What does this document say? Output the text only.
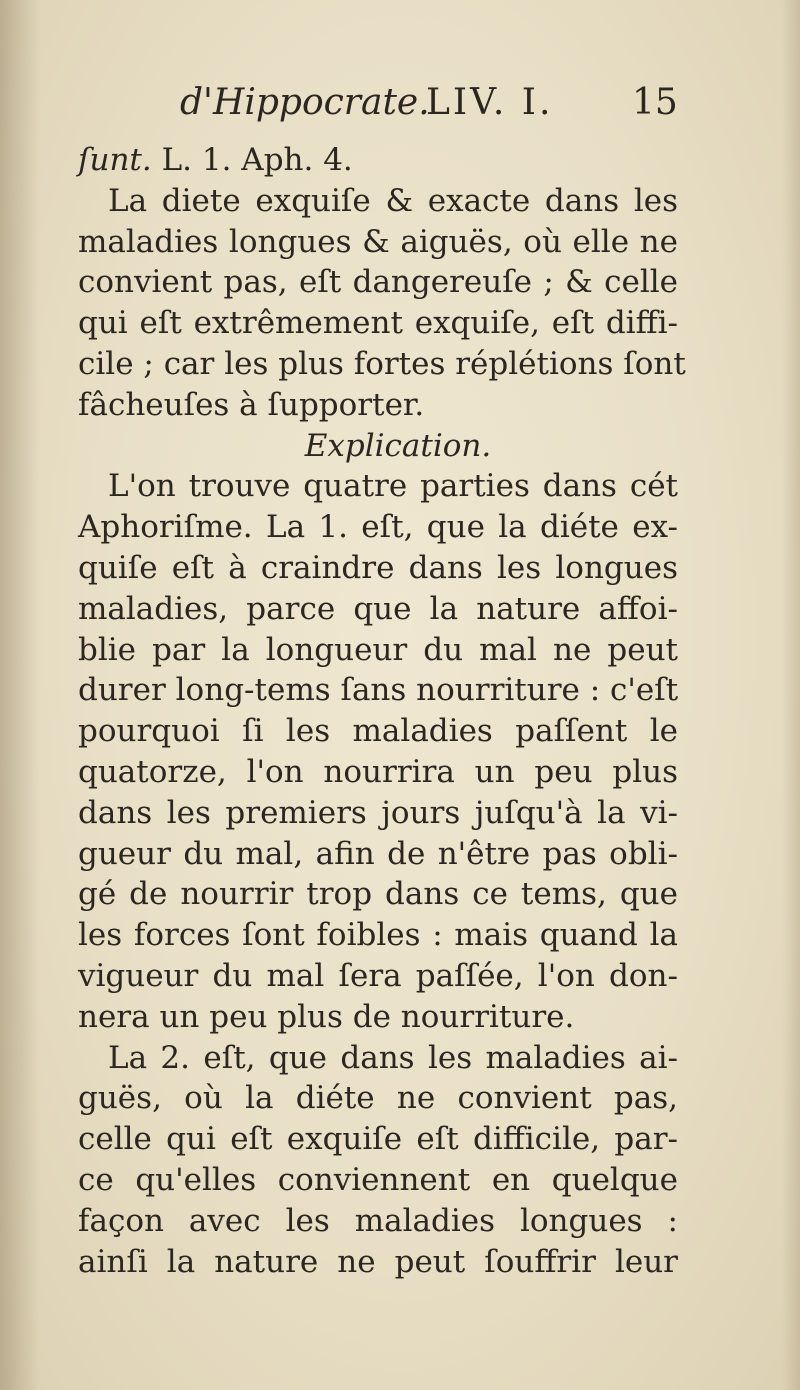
d'Hippocrate.
LIV. I. 15
ſunt. L. 1. Aph. 4.
La diete exquiſe & exacte dans les
maladies longues & aiguës, où elle ne
convient pas, eſt dangereuſe ; & celle
qui eſt extrêmement exquiſe, eſt diffi-
cile ; car les plus fortes réplétions ſont
fâcheuſes à ſupporter.
Explication.
L'on trouve quatre parties dans cét
Aphoriſme. La 1. eſt, que la diéte ex-
quiſe eſt à craindre dans les longues
maladies, parce que la nature affoi-
blie par la longueur du mal ne peut
durer long-tems ſans nourriture : c'eſt
pourquoi ſi les maladies paſſent le
quatorze, l'on nourrira un peu plus
dans les premiers jours juſqu'à la vi-
gueur du mal, afin de n'être pas obli-
gé de nourrir trop dans ce tems, que
les forces ſont foibles : mais quand la
vigueur du mal ſera paſſée, l'on don-
nera un peu plus de nourriture.
La 2. eſt, que dans les maladies ai-
guës, où la diéte ne convient pas,
celle qui eſt exquiſe eſt difficile, par-
ce qu'elles conviennent en quelque
façon avec les maladies longues :
ainſi la nature ne peut ſouffrir leur
